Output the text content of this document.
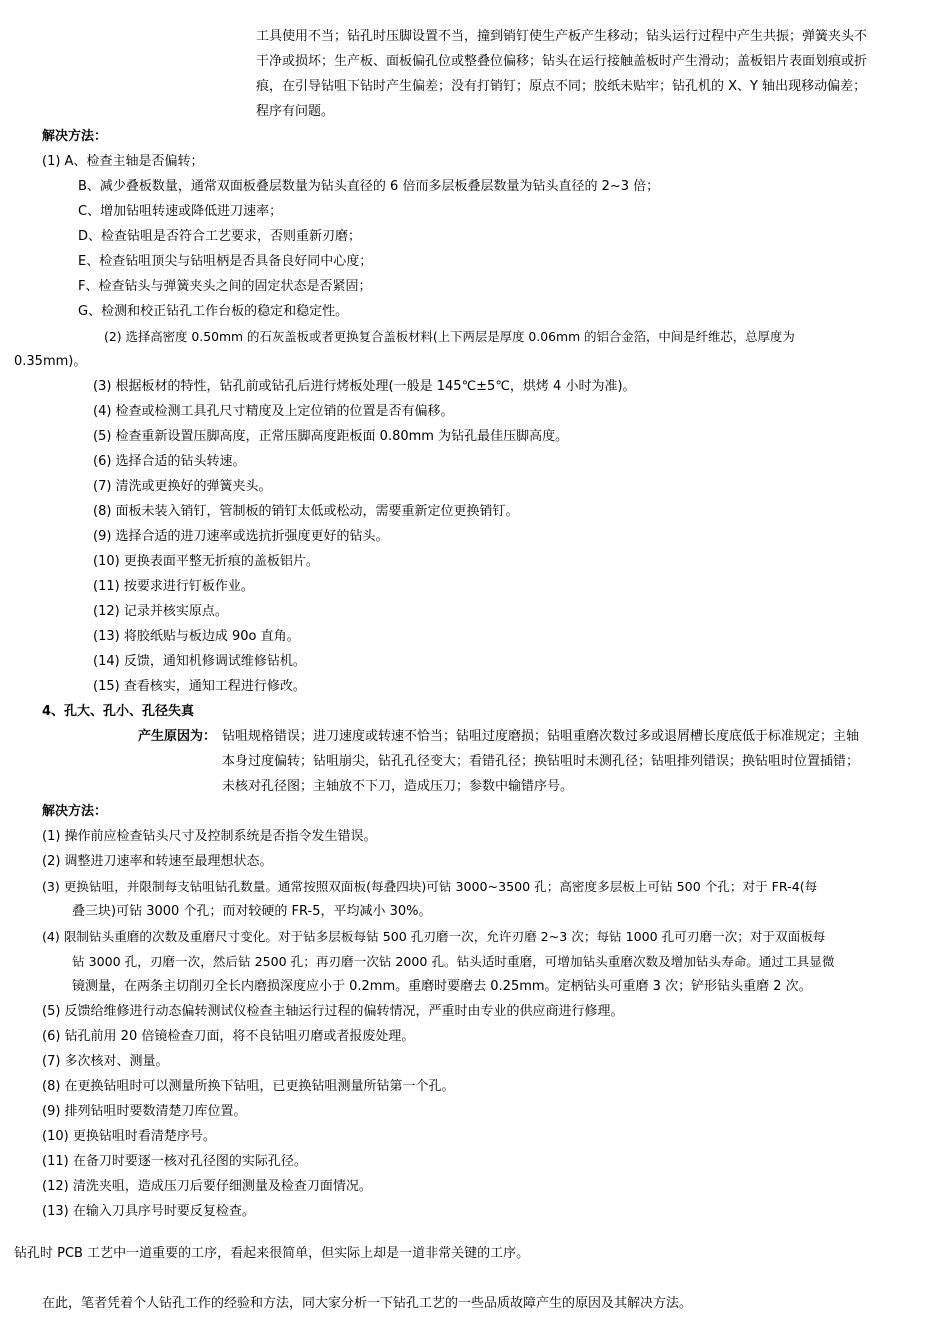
工具使用不当；钻孔时压脚设置不当，撞到销钉使生产板产生移动；钻头运行过程中产生共振；弹簧夹头不
干净或损坏；生产板、面板偏孔位或整叠位偏移；钻头在运行接触盖板时产生滑动；盖板铝片表面划痕或折
痕，在引导钻咀下钻时产生偏差；没有打销钉；原点不同；胶纸未贴牢；钻孔机的 X、Y 轴出现移动偏差；
程序有问题。
解决方法：
(1) A、检查主轴是否偏转；
B、减少叠板数量，通常双面板叠层数量为钻头直径的 6 倍而多层板叠层数量为钻头直径的 2~3 倍；
C、增加钻咀转速或降低进刀速率；
D、检查钻咀是否符合工艺要求，否则重新刃磨；
E、检查钻咀顶尖与钻咀柄是否具备良好同中心度；
F、检查钻头与弹簧夹头之间的固定状态是否紧固；
G、检测和校正钻孔工作台板的稳定和稳定性。
(2) 选择高密度 0.50mm 的石灰盖板或者更换复合盖板材料(上下两层是厚度 0.06mm 的铝合金箔，中间是纤维芯，总厚度为
0.35mm)。
(3) 根据板材的特性，钻孔前或钻孔后进行烤板处理(一般是 145℃±5℃，烘烤 4 小时为准)。
(4) 检查或检测工具孔尺寸精度及上定位销的位置是否有偏移。
(5) 检查重新设置压脚高度，正常压脚高度距板面 0.80mm 为钻孔最佳压脚高度。
(6) 选择合适的钻头转速。
(7) 清洗或更换好的弹簧夹头。
(8) 面板未装入销钉，管制板的销钉太低或松动，需要重新定位更换销钉。
(9) 选择合适的进刀速率或选抗折强度更好的钻头。
(10) 更换表面平整无折痕的盖板铝片。
(11) 按要求进行钉板作业。
(12) 记录并核实原点。
(13) 将胶纸贴与板边成 90o 直角。
(14) 反馈，通知机修调试维修钻机。
(15) 查看核实，通知工程进行修改。
4、孔大、孔小、孔径失真
产生原因为： 钻咀规格错误；进刀速度或转速不恰当；钻咀过度磨损；钻咀重磨次数过多或退屑槽长度底低于标准规定；主轴
本身过度偏转；钻咀崩尖，钻孔孔径变大；看错孔径；换钻咀时未测孔径；钻咀排列错误；换钻咀时位置插错；
未核对孔径图；主轴放不下刀，造成压刀；参数中输错序号。
解决方法：
(1) 操作前应检查钻头尺寸及控制系统是否指令发生错误。
(2) 调整进刀速率和转速至最理想状态。
(3) 更换钻咀，并限制每支钻咀钻孔数量。通常按照双面板(每叠四块)可钻 3000~3500 孔；高密度多层板上可钻 500 个孔；对于 FR-4(每
叠三块)可钻 3000 个孔；而对较硬的 FR-5，平均减小 30%。
(4) 限制钻头重磨的次数及重磨尺寸变化。对于钻多层板每钻 500 孔刃磨一次，允许刃磨 2~3 次；每钻 1000 孔可刃磨一次；对于双面板每
钻 3000 孔，刃磨一次，然后钻 2500 孔；再刃磨一次钻 2000 孔。钻头适时重磨，可增加钻头重磨次数及增加钻头寿命。通过工具显微
镜测量，在两条主切削刃全长内磨损深度应小于 0.2mm。重磨时要磨去 0.25mm。定柄钻头可重磨 3 次；铲形钻头重磨 2 次。
(5) 反馈给维修进行动态偏转测试仪检查主轴运行过程的偏转情况，严重时由专业的供应商进行修理。
(6) 钻孔前用 20 倍镜检查刀面，将不良钻咀刃磨或者报废处理。
(7) 多次核对、测量。
(8) 在更换钻咀时可以测量所换下钻咀，已更换钻咀测量所钻第一个孔。
(9) 排列钻咀时要数清楚刀库位置。
(10) 更换钻咀时看清楚序号。
(11) 在备刀时要逐一核对孔径图的实际孔径。
(12) 清洗夹咀，造成压刀后要仔细测量及检查刀面情况。
(13) 在输入刀具序号时要反复检查。
钻孔时 PCB 工艺中一道重要的工序，看起来很简单，但实际上却是一道非常关键的工序。
在此，笔者凭着个人钻孔工作的经验和方法，同大家分析一下钻孔工艺的一些品质故障产生的原因及其解决方法。
